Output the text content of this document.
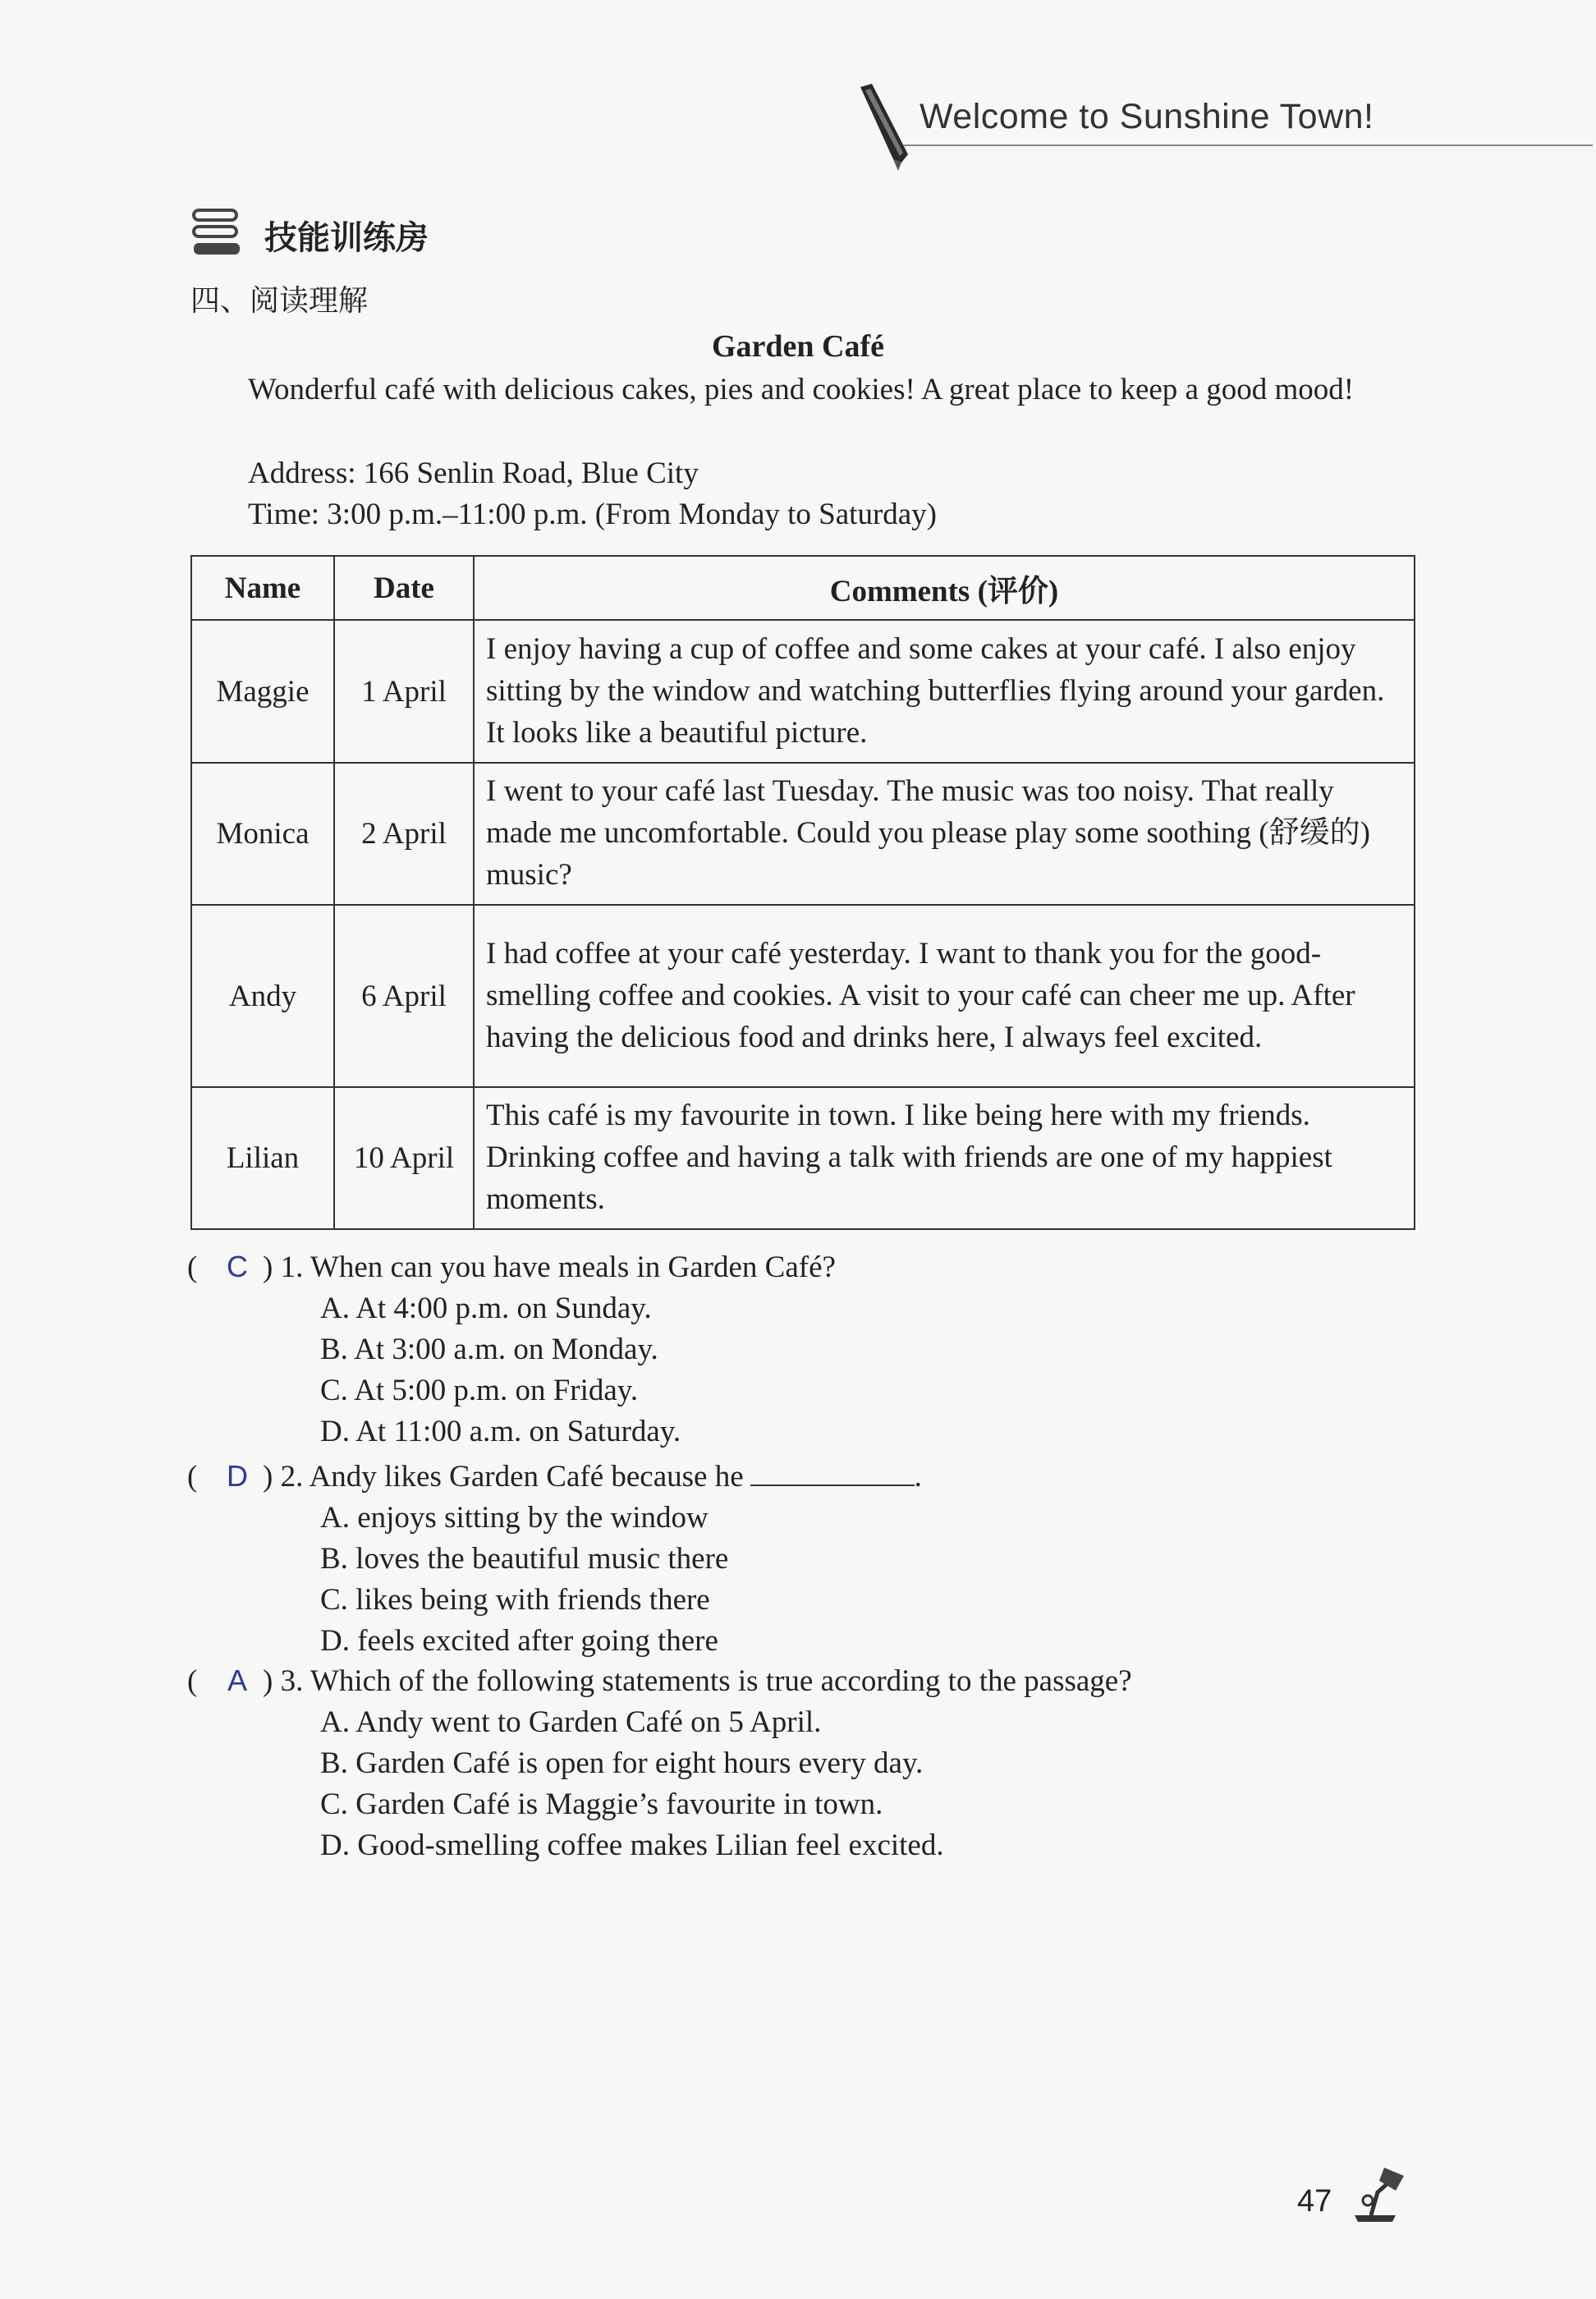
Welcome to Sunshine Town!
技能训练房
四、阅读理解
Garden Café
Wonderful café with delicious cakes, pies and cookies! A great place to keep a good mood!
Address: 166 Senlin Road, Blue City
Time: 3:00 p.m.–11:00 p.m. (From Monday to Saturday)
Name	Date	Comments (评价)
Maggie	1 April	I enjoy having a cup of coffee and some cakes at your café. I also enjoy sitting by the window and watching butterflies flying around your garden. It looks like a beautiful picture.
Monica	2 April	I went to your café last Tuesday. The music was too noisy. That really made me uncomfortable. Could you please play some soothing (舒缓的) music?
Andy	6 April	I had coffee at your café yesterday. I want to thank you for the good-smelling coffee and cookies. A visit to your café can cheer me up. After having the delicious food and drinks here, I always feel excited.
Lilian	10 April	This café is my favourite in town. I like being here with my friends. Drinking coffee and having a talk with friends are one of my happiest moments.
( C ) 1. When can you have meals in Garden Café?
A. At 4:00 p.m. on Sunday.
B. At 3:00 a.m. on Monday.
C. At 5:00 p.m. on Friday.
D. At 11:00 a.m. on Saturday.
( D ) 2. Andy likes Garden Café because he	.
A. enjoys sitting by the window
B. loves the beautiful music there
C. likes being with friends there
D. feels excited after going there
(	A ) 3. Which of the following statements is true according to the passage?
A. Andy went to Garden Café on 5 April.
B. Garden Café is open for eight hours every day.
C. Garden Café is Maggie’s favourite in town.
D. Good-smelling coffee makes Lilian feel excited.
47
